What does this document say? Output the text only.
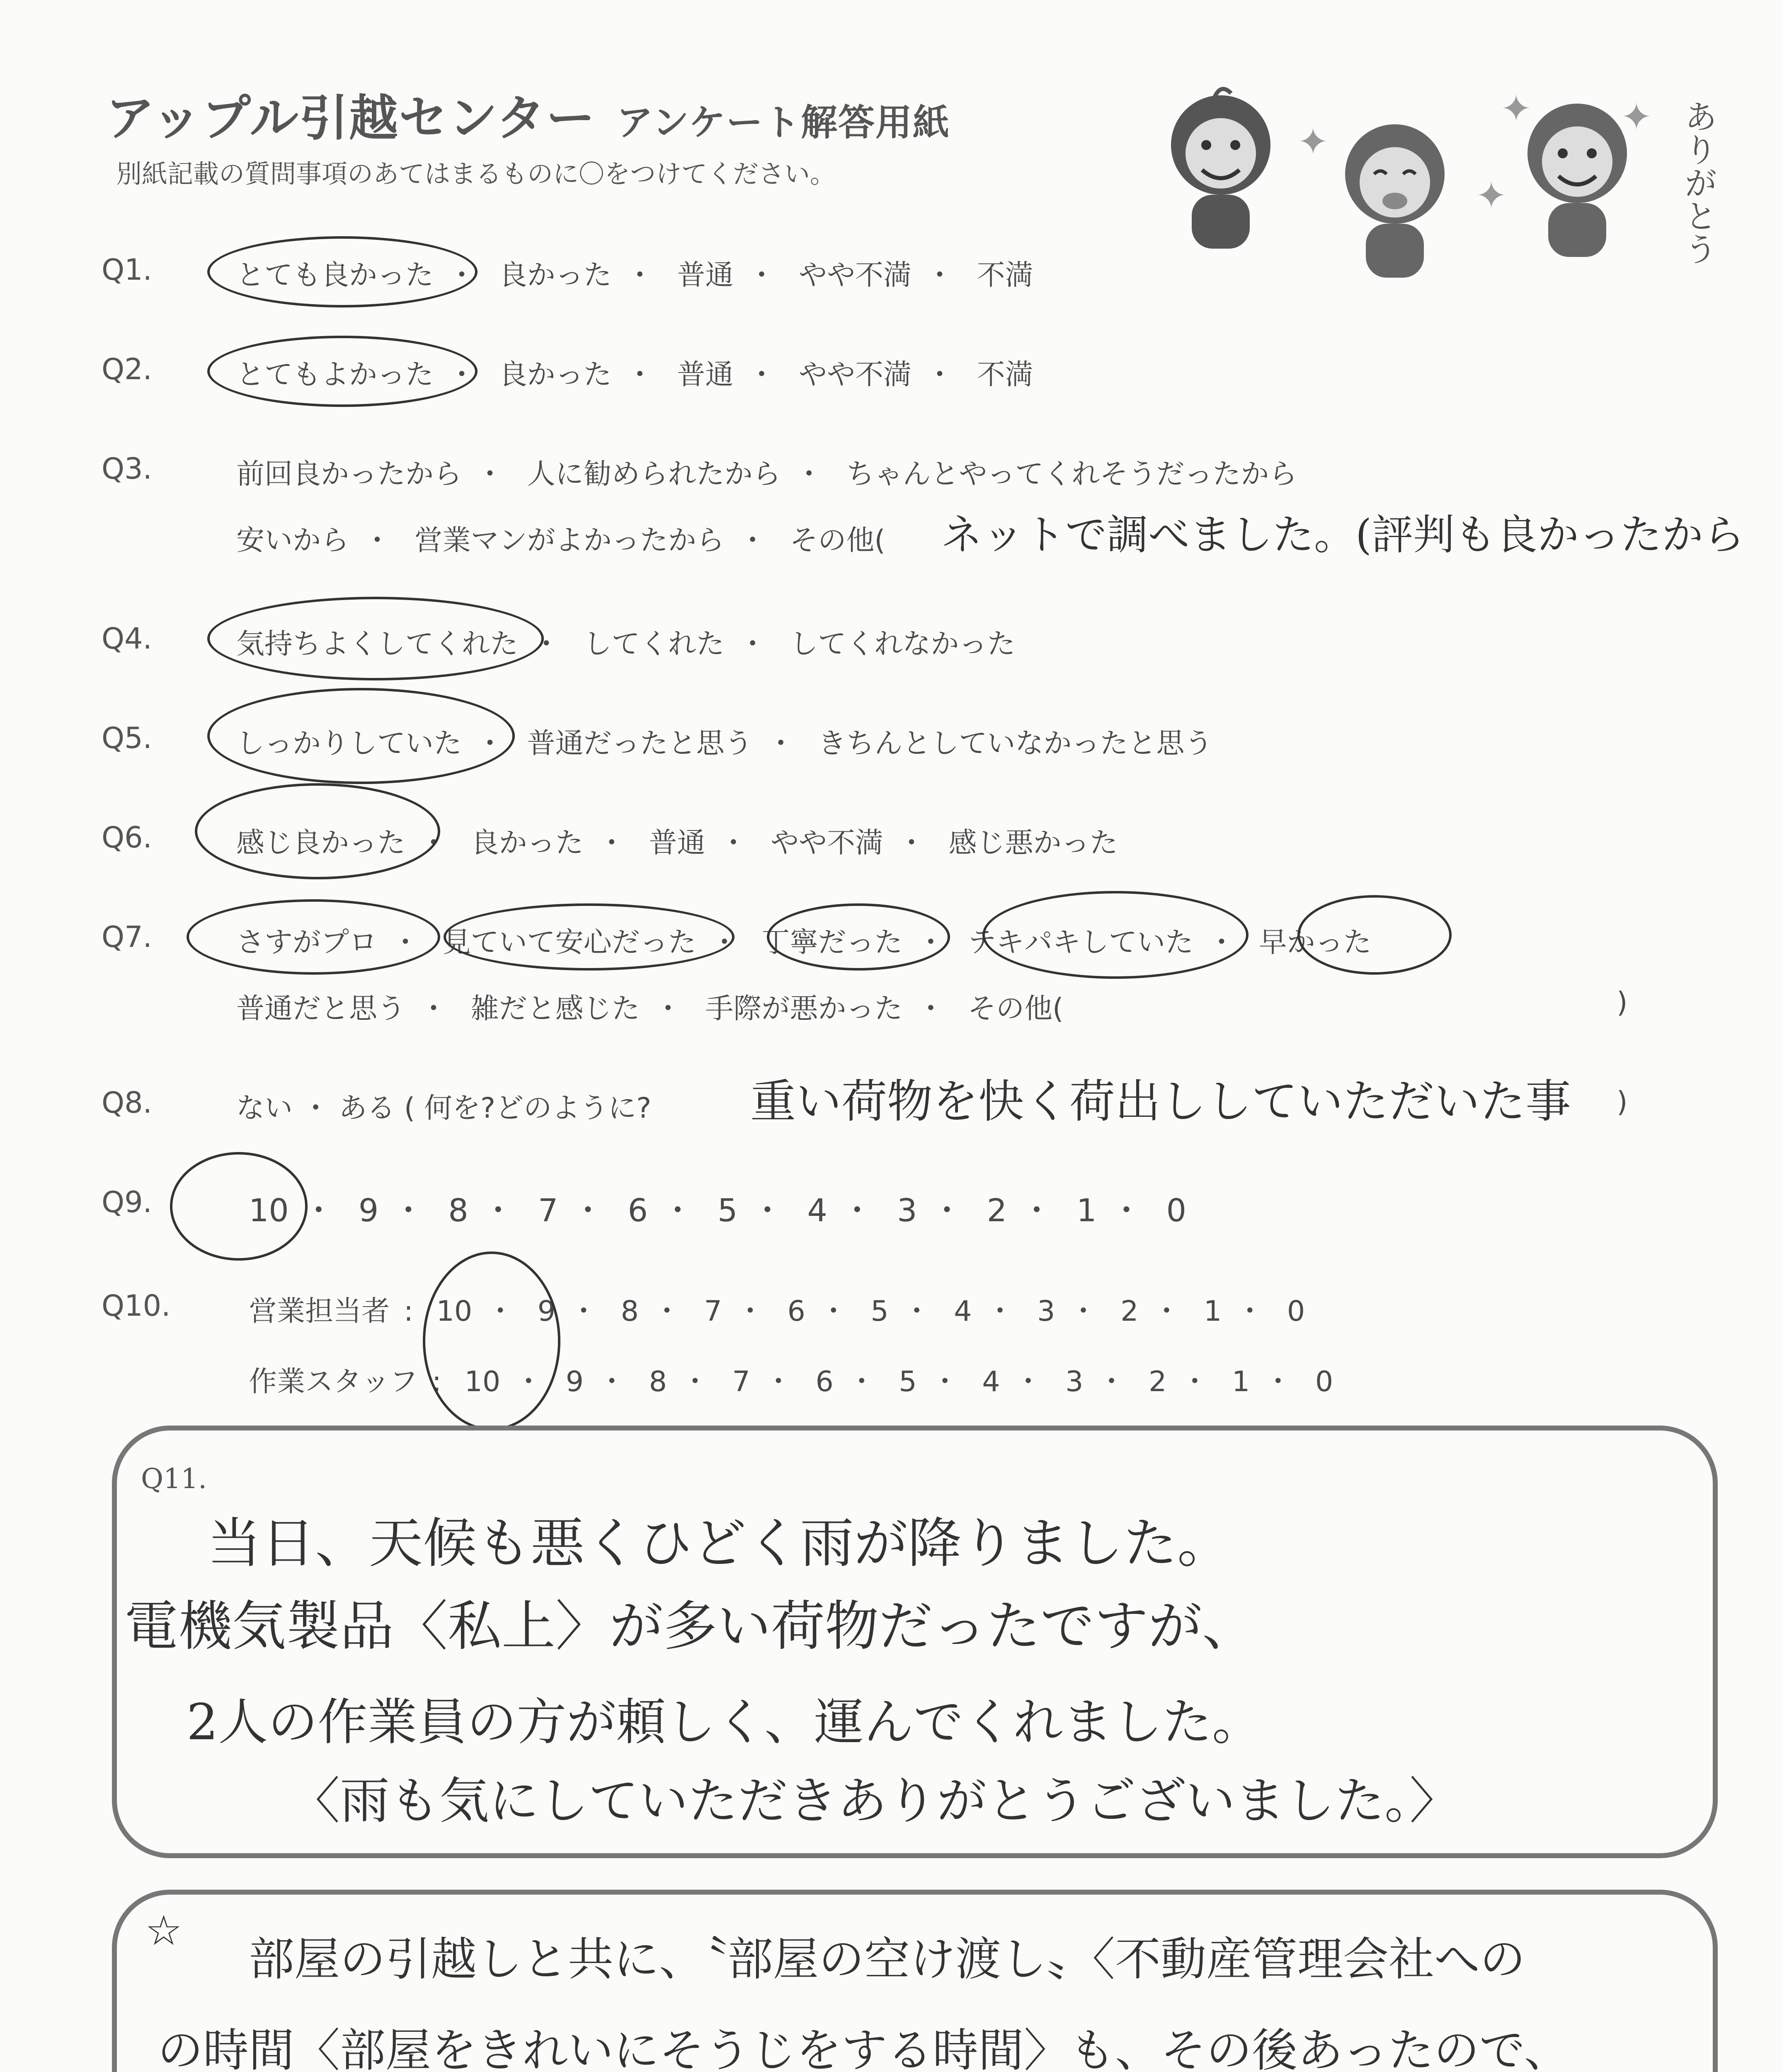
アップル引越センター アンケート解答用紙
別紙記載の質問事項のあてはまるものに〇をつけてください。	ありがとう
✦
✦
✦
✦
Q1.	とても良かった ・ 良かった ・ 普通 ・ やや不満 ・ 不満
Q2.	とてもよかった ・ 良かった ・ 普通 ・ やや不満 ・ 不満
Q3.	前回良かったから ・ 人に勧められたから ・ ちゃんとやってくれそうだったから
安いから ・ 営業マンがよかったから ・ その他( ネットで調べました。(評判も良かったから
Q4.	気持ちよくしてくれた ・ してくれた ・ してくれなかった
Q5.	しっかりしていた ・ 普通だったと思う ・ きちんとしていなかったと思う
Q6.	感じ良かった ・ 良かった ・ 普通 ・ やや不満 ・ 感じ悪かった
Q7.	さすがプロ ・ 見ていて安心だった ・ 丁寧だった ・ テキパキしていた ・ 早かった
普通だと思う ・ 雑だと感じた ・ 手際が悪かった ・ その他(	)
Q8.	ない ・ ある ( 何を?どのように? 重い荷物を快く荷出ししていただいた事 )
Q9.	10 ・ 9 ・ 8 ・ 7 ・ 6 ・ 5 ・ 4 ・ 3 ・ 2 ・ 1 ・ 0
Q10.	営業担当者 : 10 ・ 9 ・ 8 ・ 7 ・ 6 ・ 5 ・ 4 ・ 3 ・ 2 ・ 1 ・ 0
作業スタッフ : 10 ・ 9 ・ 8 ・ 7 ・ 6 ・ 5 ・ 4 ・ 3 ・ 2 ・ 1 ・ 0
Q11.
当日、天候も悪くひどく雨が降りました。
電機気製品〈私上〉が多い荷物だったですが、
2人の作業員の方が頼しく、運んでくれました。
〈雨も気にしていただきありがとうございました。〉
☆
部屋の引越しと共に、〝部屋の空け渡し〟〈不動産管理会社への
の時間〈部屋をきれいにそうじをする時間〉も、その後あったので、
